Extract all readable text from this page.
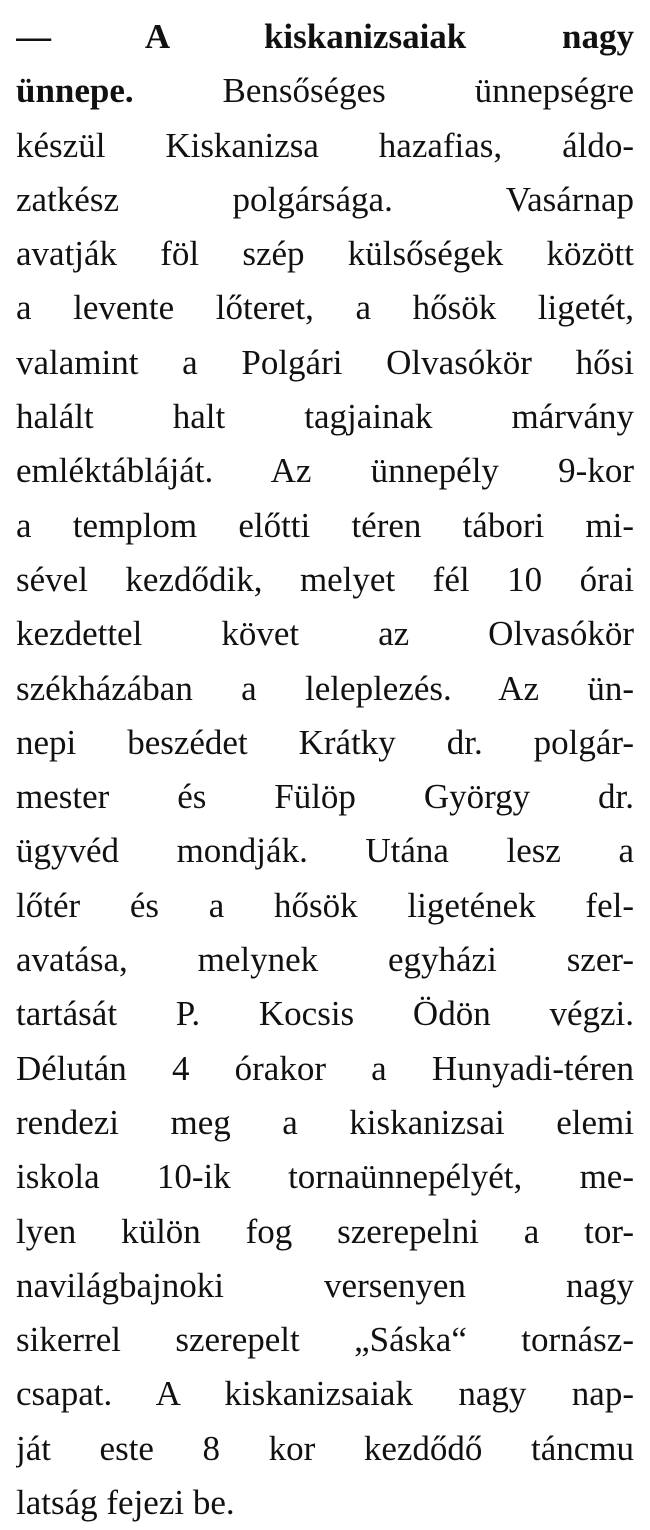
— A kiskanizsaiak nagy
ünnepe. Bensőséges ünnepségre
készül Kiskanizsa hazafias, áldo-
zatkész polgársága. Vasárnap
avatják föl szép külsőségek között
a levente lőteret, a hősök ligetét,
valamint a Polgári Olvasókör hősi
halált halt tagjainak márvány
emléktábláját. Az ünnepély 9-kor
a templom előtti téren tábori mi-
sével kezdődik, melyet fél 10 órai
kezdettel követ az Olvasókör
székházában a leleplezés. Az ün-
nepi beszédet Krátky dr. polgár-
mester és Fülöp György dr.
ügyvéd mondják. Utána lesz a
lőtér és a hősök ligetének fel-
avatása, melynek egyházi szer-
tartását P. Kocsis Ödön végzi.
Délután 4 órakor a Hunyadi-téren
rendezi meg a kiskanizsai elemi
iskola 10-ik tornaünnepélyét, me-
lyen külön fog szerepelni a tor-
navilágbajnoki versenyen nagy
sikerrel szerepelt „Sáska“ tornász-
csapat. A kiskanizsaiak nagy nap-
ját este 8 kor kezdődő táncmu
latság fejezi be.
